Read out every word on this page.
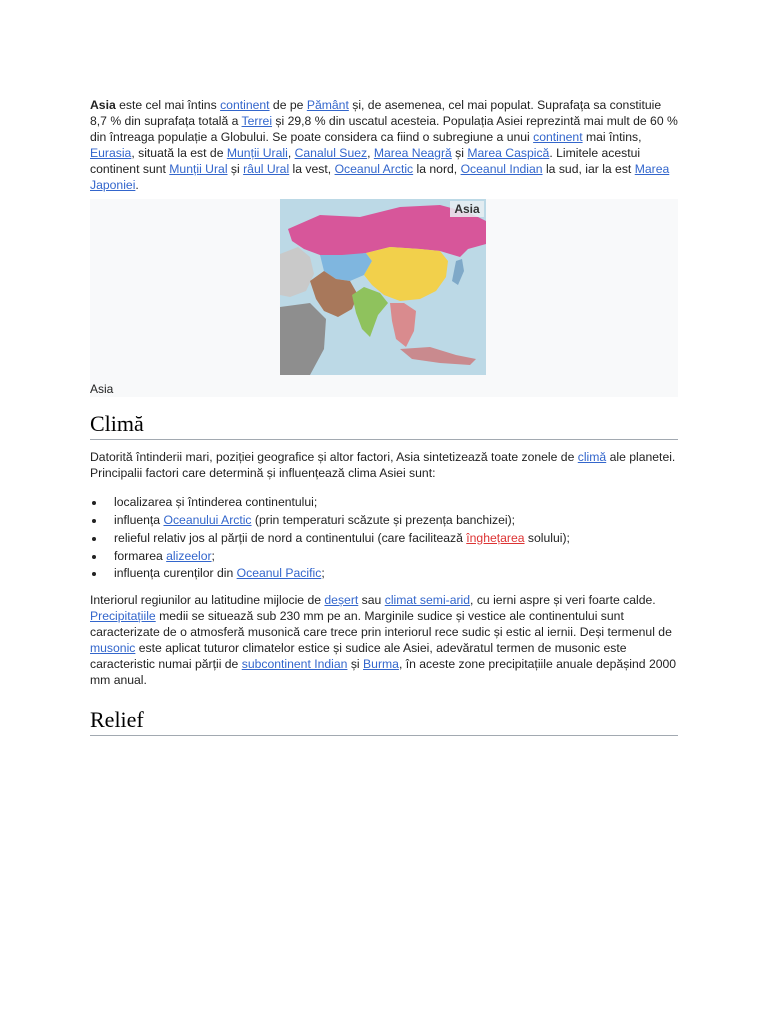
Asia este cel mai întins continent de pe Pământ și, de asemenea, cel mai populat. Suprafața sa constituie 8,7 % din suprafața totală a Terrei și 29,8 % din uscatul acesteia. Populația Asiei reprezintă mai mult de 60 % din întreaga populație a Globului. Se poate considera ca fiind o subregiune a unui continent mai întins, Eurasia, situată la est de Munții Urali, Canalul Suez, Marea Neagră și Marea Caspică. Limitele acestui continent sunt Munții Ural și râul Ural la vest, Oceanul Arctic la nord, Oceanul Indian la sud, iar la est Marea Japoniei.

Asia
Asia
Climă

Datorită întinderii mari, poziției geografice și altor factori, Asia sintetizează toate zonele de climă ale planetei. Principalii factori care determină și influențează clima Asiei sunt:

localizarea și întinderea continentului;
influența Oceanului Arctic (prin temperaturi scăzute și prezența banchizei);
relieful relativ jos al părții de nord a continentului (care facilitează înghețarea solului);
formarea alizeelor;
influența curenților din Oceanul Pacific;

Interiorul regiunilor au latitudine mijlocie de deșert sau climat semi-arid, cu ierni aspre și veri foarte calde. Precipitațiile medii se situează sub 230 mm pe an. Marginile sudice și vestice ale continentului sunt caracterizate de o atmosferă musonică care trece prin interiorul rece sudic și estic al iernii. Deși termenul de musonic este aplicat tuturor climatelor estice și sudice ale Asiei, adevăratul termen de musonic este caracteristic numai părții de subcontinent Indian și Burma, în aceste zone precipitațiile anuale depășind 2000 mm anual.

Relief
